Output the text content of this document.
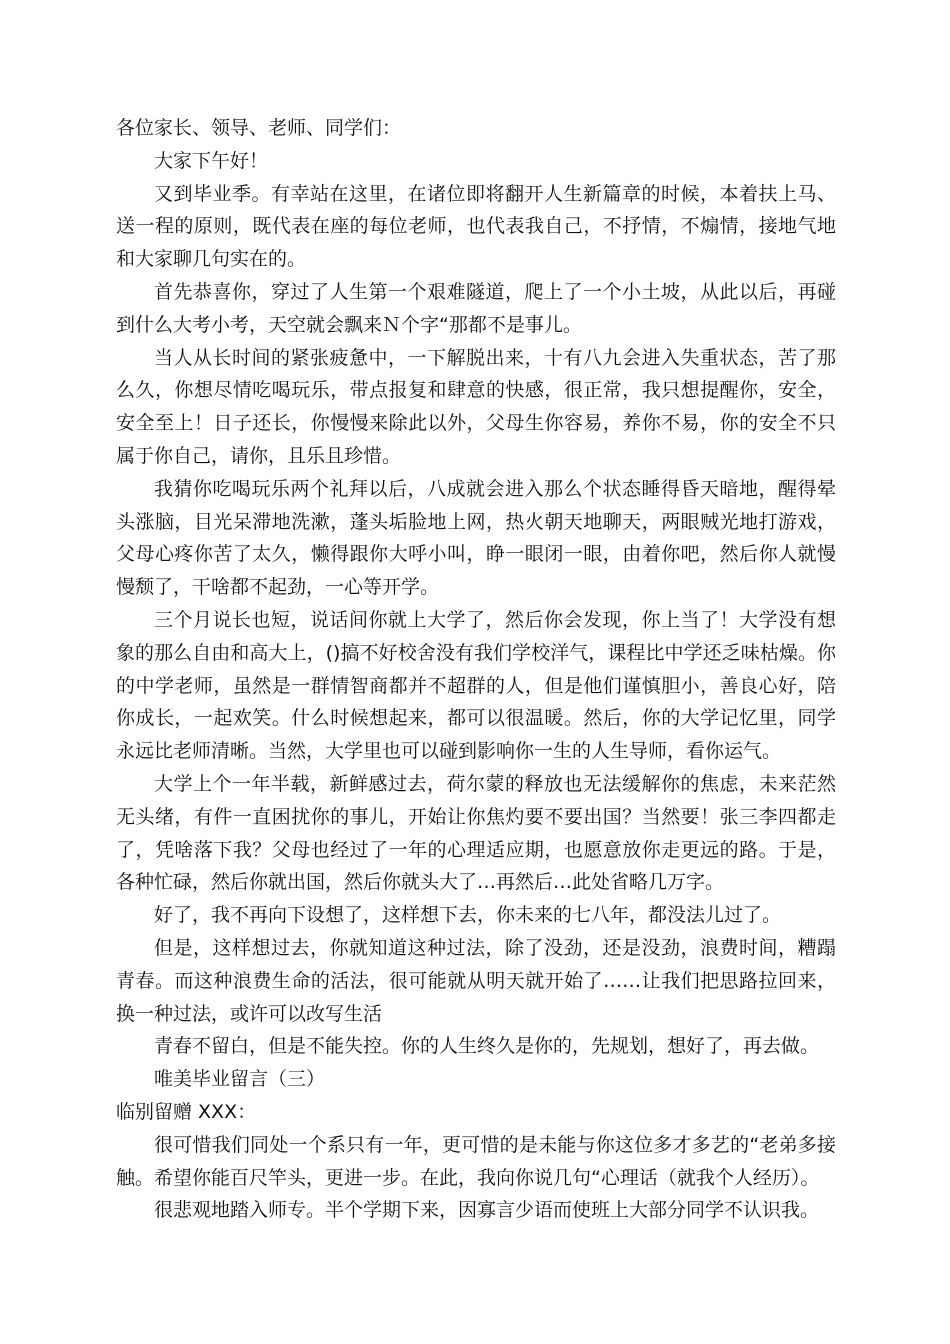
各位家长、领导、老师、同学们：

大家下午好！

又到毕业季。有幸站在这里，在诸位即将翻开人生新篇章的时候，本着扶上马、送一程的原则，既代表在座的每位老师，也代表我自己，不抒情，不煽情，接地气地和大家聊几句实在的。

首先恭喜你，穿过了人生第一个艰难隧道，爬上了一个小土坡，从此以后，再碰到什么大考小考，天空就会飘来Ｎ个字“那都不是事儿。

当人从长时间的紧张疲惫中，一下解脱出来，十有八九会进入失重状态，苦了那么久，你想尽情吃喝玩乐，带点报复和肆意的快感，很正常，我只想提醒你，安全，安全至上！日子还长，你慢慢来除此以外，父母生你容易，养你不易，你的安全不只属于你自己，请你，且乐且珍惜。

我猜你吃喝玩乐两个礼拜以后，八成就会进入那么个状态睡得昏天暗地，醒得晕头涨脑，目光呆滞地洗漱，蓬头垢脸地上网，热火朝天地聊天，两眼贼光地打游戏，父母心疼你苦了太久，懒得跟你大呼小叫，睁一眼闭一眼，由着你吧，然后你人就慢慢颓了，干啥都不起劲，一心等开学。

三个月说长也短，说话间你就上大学了，然后你会发现，你上当了！大学没有想象的那么自由和高大上，()搞不好校舍没有我们学校洋气，课程比中学还乏味枯燥。你的中学老师，虽然是一群情智商都并不超群的人，但是他们谨慎胆小，善良心好，陪你成长，一起欢笑。什么时候想起来，都可以很温暖。然后，你的大学记忆里，同学永远比老师清晰。当然，大学里也可以碰到影响你一生的人生导师，看你运气。

大学上个一年半载，新鲜感过去，荷尔蒙的释放也无法缓解你的焦虑，未来茫然无头绪，有件一直困扰你的事儿，开始让你焦灼要不要出国？当然要！张三李四都走了，凭啥落下我？父母也经过了一年的心理适应期，也愿意放你走更远的路。于是，各种忙碌，然后你就出国，然后你就头大了…再然后…此处省略几万字。

好了，我不再向下设想了，这样想下去，你未来的七八年，都没法儿过了。

但是，这样想过去，你就知道这种过法，除了没劲，还是没劲，浪费时间，糟蹋青春。而这种浪费生命的活法，很可能就从明天就开始了……让我们把思路拉回来，换一种过法，或许可以改写生活

青春不留白，但是不能失控。你的人生终久是你的，先规划，想好了，再去做。

唯美毕业留言（三）

临别留赠 XXX：

很可惜我们同处一个系只有一年，更可惜的是未能与你这位多才多艺的“老弟多接触。希望你能百尺竿头，更进一步。在此，我向你说几句“心理话（就我个人经历）。

很悲观地踏入师专。半个学期下来，因寡言少语而使班上大部分同学不认识我。
